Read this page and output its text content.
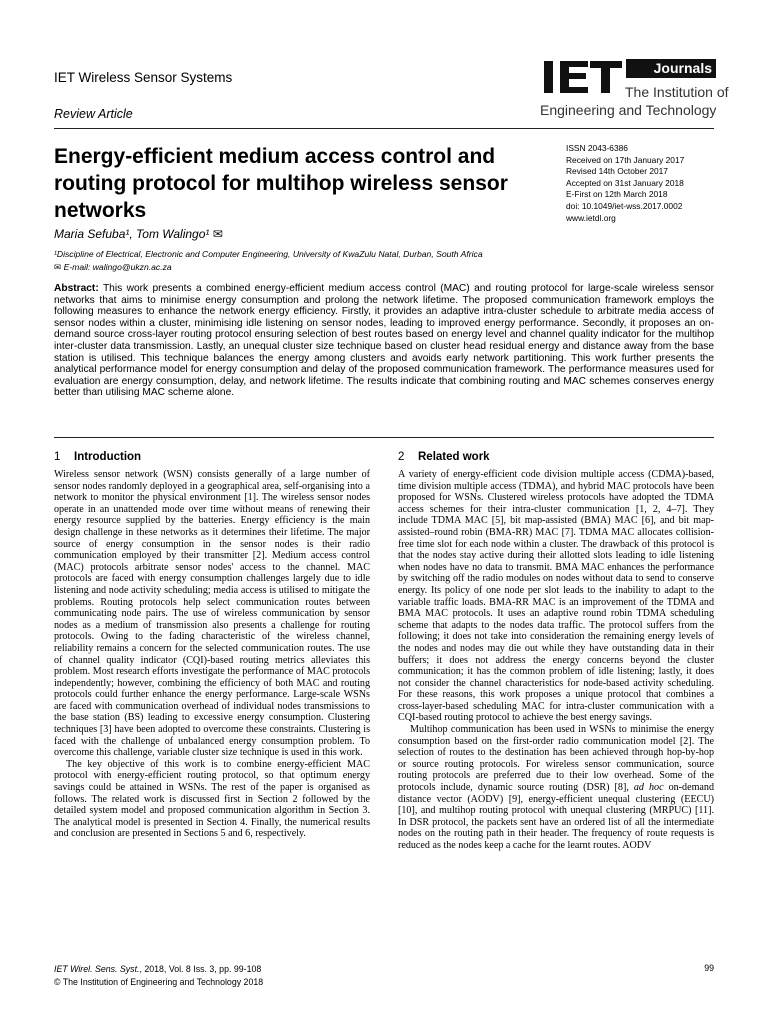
IET Wireless Sensor Systems
Review Article
Journals
The Institution of
Engineering and Technology
Energy-efficient medium access control and routing protocol for multihop wireless sensor networks
ISSN 2043-6386
Received on 17th January 2017
Revised 14th October 2017
Accepted on 31st January 2018
E-First on 12th March 2018
doi: 10.1049/iet-wss.2017.0002
www.ietdl.org
Maria Sefuba¹, Tom Walingo¹ ✉
¹Discipline of Electrical, Electronic and Computer Engineering, University of KwaZulu Natal, Durban, South Africa
✉ E-mail: walingo@ukzn.ac.za

Abstract: This work presents a combined energy-efficient medium access control (MAC) and routing protocol for large-scale wireless sensor networks that aims to minimise energy consumption and prolong the network lifetime. The proposed communication framework employs the following measures to enhance the network energy efficiency. Firstly, it provides an adaptive intra-cluster schedule to arbitrate media access of sensor nodes within a cluster, minimising idle listening on sensor nodes, leading to improved energy performance. Secondly, it proposes an on-demand source cross-layer routing protocol ensuring selection of best routes based on energy level and channel quality indicator for the multihop inter-cluster data transmission. Lastly, an unequal cluster size technique based on cluster head residual energy and distance away from the base station is utilised. This technique balances the energy among clusters and avoids early network partitioning. This work further presents the analytical performance model for energy consumption and delay of the proposed communication framework. The performance measures used for evaluation are energy consumption, delay, and network lifetime. The results indicate that combining routing and MAC schemes conserves energy better than utilising MAC scheme alone.

1 Introduction

Wireless sensor network (WSN) consists generally of a large number of sensor nodes randomly deployed in a geographical area, self-organising into a network to monitor the physical environment [1]. The wireless sensor nodes operate in an unattended mode over time without means of renewing their energy resource supplied by the batteries. Energy efficiency is the main design challenge in these networks as it determines their lifetime. The major source of energy consumption in the sensor nodes is their radio communication employed by their transmitter [2]. Medium access control (MAC) protocols arbitrate sensor nodes' access to the channel. MAC protocols are faced with energy consumption challenges largely due to idle listening and node activity scheduling; media access is utilised to mitigate the problems. Routing protocols help select communication routes between communicating node pairs. The use of wireless communication by sensor nodes as a medium of transmission also presents a challenge for routing protocols. Owing to the fading characteristic of the wireless channel, reliability remains a concern for the selected communication routes. The use of channel quality indicator (CQI)-based routing metrics alleviates this problem. Most research efforts investigate the performance of MAC protocols independently; however, combining the efficiency of both MAC and routing protocols could further enhance the energy performance. Large-scale WSNs are faced with communication overhead of individual nodes transmissions to the base station (BS) leading to excessive energy consumption. Clustering techniques [3] have been adopted to overcome these constraints. Clustering is faced with the challenge of unbalanced energy consumption problem. To overcome this challenge, variable cluster size technique is used in this work.

The key objective of this work is to combine energy-efficient MAC protocol with energy-efficient routing protocol, so that optimum energy savings could be attained in WSNs. The rest of the paper is organised as follows. The related work is discussed first in Section 2 followed by the detailed system model and proposed communication algorithm in Section 3. The analytical model is presented in Section 4. Finally, the numerical results and conclusion are presented in Sections 5 and 6, respectively.

2 Related work

A variety of energy-efficient code division multiple access (CDMA)-based, time division multiple access (TDMA), and hybrid MAC protocols have been proposed for WSNs. Clustered wireless protocols have adopted the TDMA access schemes for their intra-cluster communication [1, 2, 4–7]. They include TDMA MAC [5], bit map-assisted (BMA) MAC [6], and bit map-assisted–round robin (BMA-RR) MAC [7]. TDMA MAC allocates collision-free time slot for each node within a cluster. The drawback of this protocol is that the nodes stay active during their allotted slots leading to idle listening when nodes have no data to transmit. BMA MAC enhances the performance by switching off the radio modules on nodes without data to send to conserve energy. Its policy of one node per slot leads to the inability to adapt to the variable traffic loads. BMA-RR MAC is an improvement of the TDMA and BMA MAC protocols. It uses an adaptive round robin TDMA scheduling scheme that adapts to the nodes data traffic. The protocol suffers from the following; it does not take into consideration the remaining energy levels of the nodes and nodes may die out while they have outstanding data in their buffers; it does not address the energy concerns beyond the cluster communication; it has the common problem of idle listening; lastly, it does not consider the channel characteristics for node-based activity scheduling. For these reasons, this work proposes a unique protocol that combines a cross-layer-based scheduling MAC for intra-cluster communication with a CQI-based routing protocol to achieve the best energy savings.

Multihop communication has been used in WSNs to minimise the energy consumption based on the first-order radio communication model [2]. The selection of routes to the destination has been achieved through hop-by-hop or source routing protocols. For wireless sensor communication, source routing protocols are preferred due to their low overhead. Some of the protocols include, dynamic source routing (DSR) [8], ad hoc on-demand distance vector (AODV) [9], energy-efficient unequal clustering (EECU) [10], and multihop routing protocol with unequal clustering (MRPUC) [11]. In DSR protocol, the packets sent have an ordered list of all the intermediate nodes on the routing path in their header. The frequency of route requests is reduced as the nodes keep a cache for the learnt routes. AODV

IET Wirel. Sens. Syst., 2018, Vol. 8 Iss. 3, pp. 99-108
© The Institution of Engineering and Technology 2018
99
